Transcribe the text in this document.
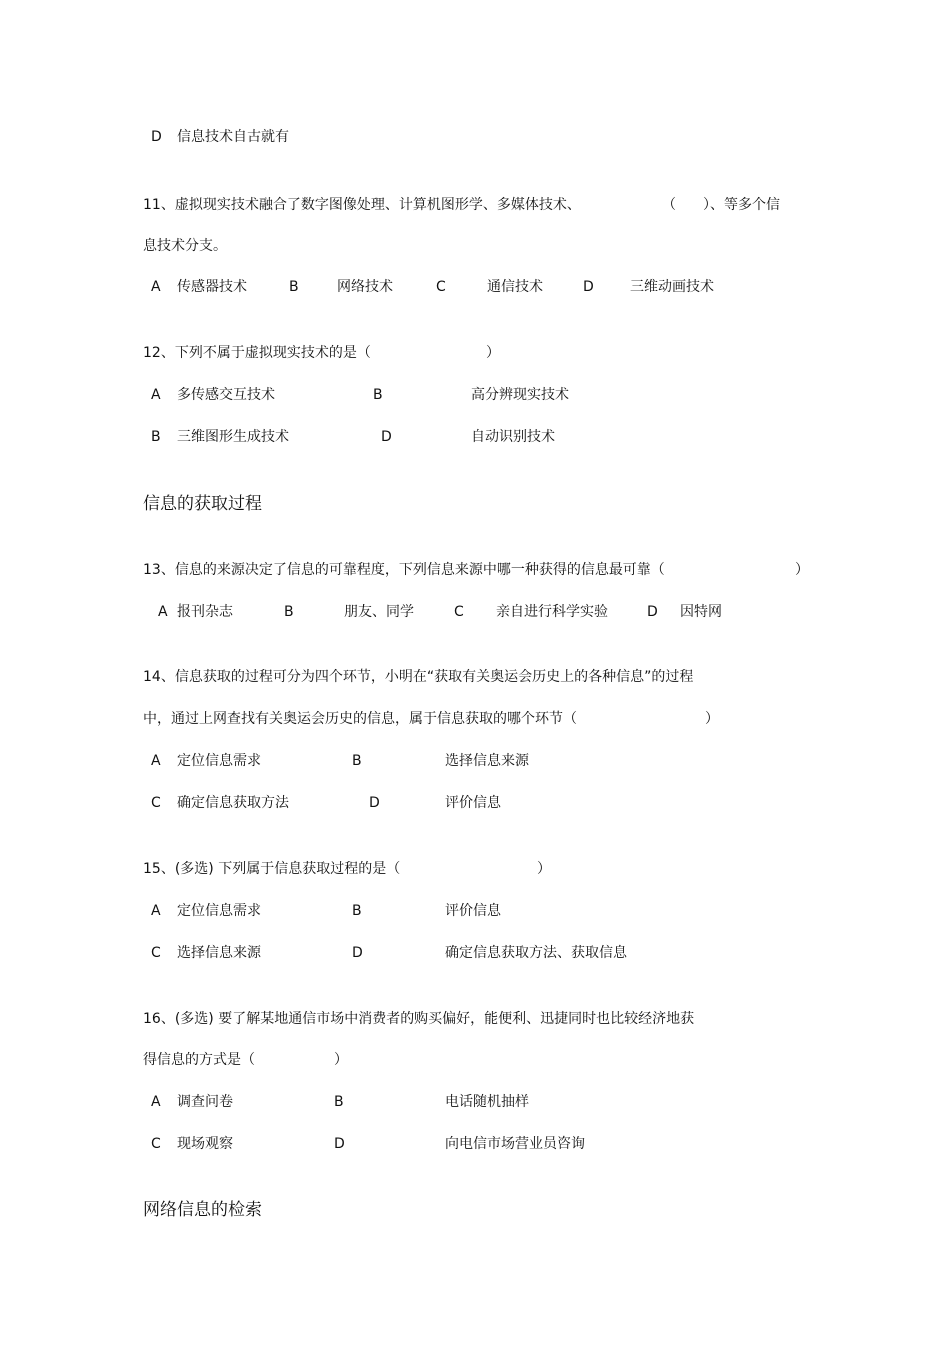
D 信息技术自古就有
11、虚拟现实技术融合了数字图像处理、计算机图形学、多媒体技术、	（ ）、等多个信
息技术分支。
A 传感器技术	B	网络技术	C	通信技术	D	三维动画技术
12、下列不属于虚拟现实技术的是（	）
A 多传感交互技术	B	高分辨现实技术
B 三维图形生成技术	D	自动识别技术
信息的获取过程
13、信息的来源决定了信息的可靠程度，下列信息来源中哪一种获得的信息最可靠（	）
A 报刊杂志	B	朋友、同学	C 亲自进行科学实验	D 因特网
14、信息获取的过程可分为四个环节，小明在“获取有关奥运会历史上的各种信息”的过程
中，通过上网查找有关奥运会历史的信息，属于信息获取的哪个环节（	）
A 定位信息需求	B	选择信息来源
C 确定信息获取方法	D	评价信息
15、(多选) 下列属于信息获取过程的是（	）
A 定位信息需求	B	评价信息
C 选择信息来源	D	确定信息获取方法、获取信息
16、(多选) 要了解某地通信市场中消费者的购买偏好，能便利、迅捷同时也比较经济地获
得信息的方式是（	）
A 调查问卷	B	电话随机抽样
C 现场观察	D	向电信市场营业员咨询
网络信息的检索
